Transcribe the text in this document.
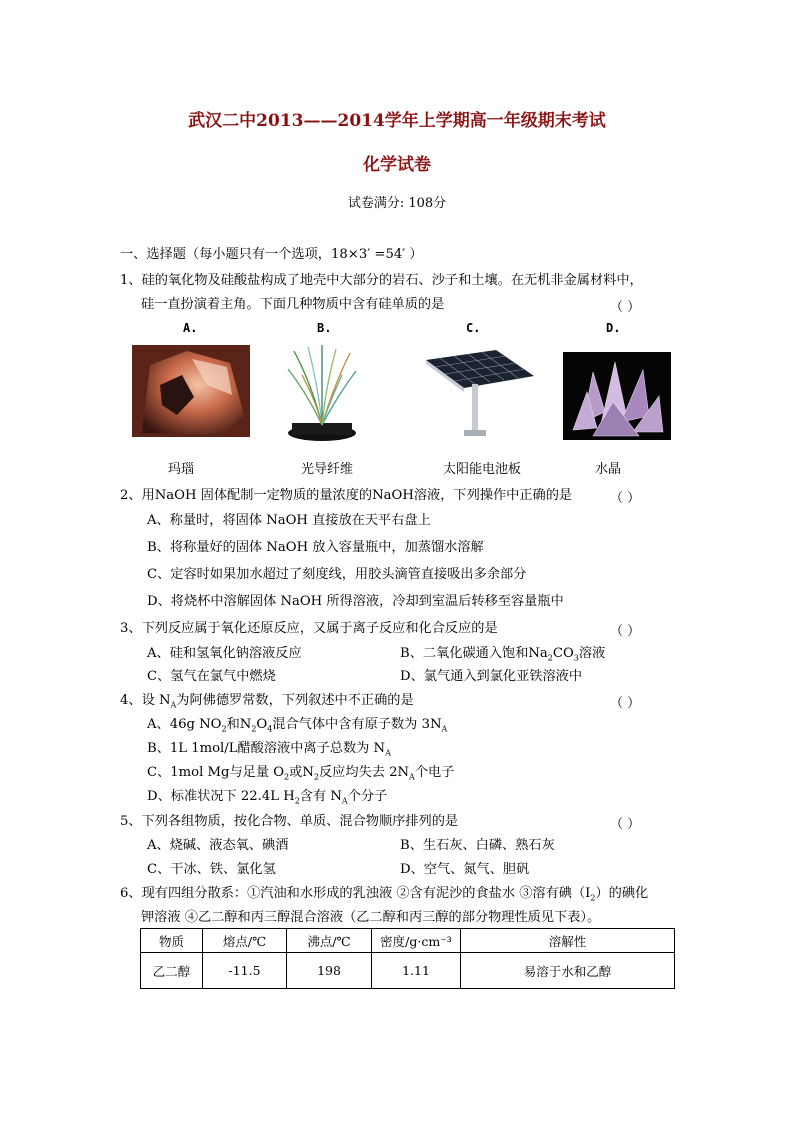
武汉二中2013——2014学年上学期高一年级期末考试
化学试卷
试卷满分: 108分
一、选择题（每小题只有一个选项，18×3′ =54′ ）
1、硅的氧化物及硅酸盐构成了地壳中大部分的岩石、沙子和土壤。在无机非金属材料中，
硅一直扮演着主角。下面几种物质中含有硅单质的是	（ ）
A.	B.	C.	D.
玛瑙	光导纤维	太阳能电池板	水晶
2、用NaOH 固体配制一定物质的量浓度的NaOH溶液，下列操作中正确的是	（ ）
A、称量时，将固体 NaOH 直接放在天平右盘上
B、将称量好的固体 NaOH 放入容量瓶中，加蒸馏水溶解
C、定容时如果加水超过了刻度线，用胶头滴管直接吸出多余部分
D、将烧杯中溶解固体 NaOH 所得溶液，冷却到室温后转移至容量瓶中
3、下列反应属于氧化还原反应，又属于离子反应和化合反应的是	（ ）
A、硅和氢氧化钠溶液反应	B、二氧化碳通入饱和$Na_2CO_3$溶液
C、氢气在氯气中燃烧	D、氯气通入到氯化亚铁溶液中
4、设 $N_A$为阿佛德罗常数，下列叙述中不正确的是	（ ）
A、46g $NO_2$和$N_2O_4$混合气体中含有原子数为 $3N_A$
B、1L 1mol/L醋酸溶液中离子总数为 $N_A$
C、1mol Mg与足量 $O_2$或$N_2$反应均失去 $2N_A$个电子
D、标准状况下 22.4L $H_2$含有 $N_A$个分子
5、下列各组物质，按化合物、单质、混合物顺序排列的是	（ ）
A、烧碱、液态氧、碘酒	B、生石灰、白磷、熟石灰
C、干冰、铁、氯化氢	D、空气、氮气、胆矾
6、现有四组分散系：①汽油和水形成的乳浊液 ②含有泥沙的食盐水 ③溶有碘$(I_2)$的碘化
钾溶液 ④乙二醇和丙三醇混合溶液（乙二醇和丙三醇的部分物理性质见下表）。
物质	熔点/℃	沸点/℃	密度/g·cm⁻³	溶解性
乙二醇	-11.5	198	1.11	易溶于水和乙醇
